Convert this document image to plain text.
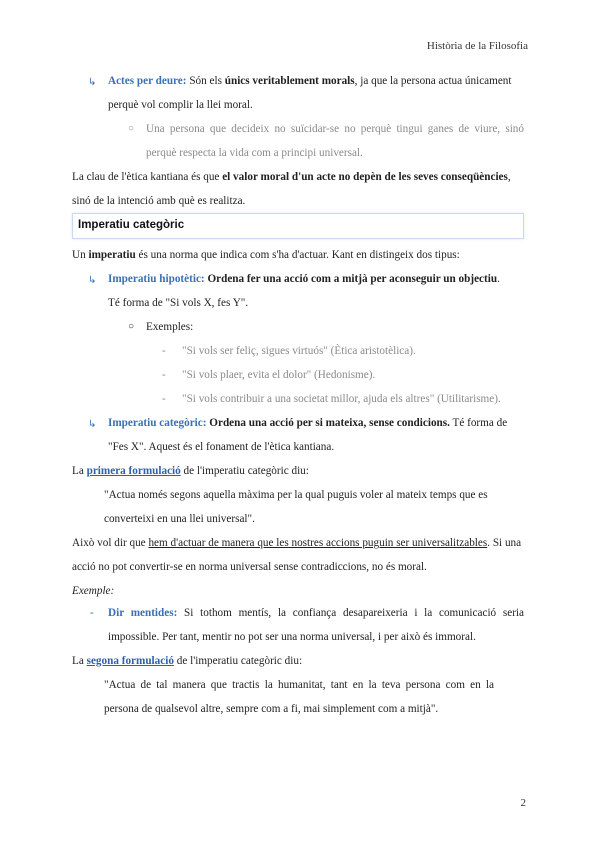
Història de la Filosofia
↳ Actes per deure: Són els únics veritablement morals, ja que la persona actua únicament
perquè vol complir la llei moral.
○ Una persona que decideix no suïcidar-se no perquè tingui ganes de viure, sinó
perquè respecta la vida com a principi universal.
La clau de l'ètica kantiana és que el valor moral d'un acte no depèn de les seves conseqüències,
sinó de la intenció amb què es realitza.
Imperatiu categòric
Un imperatiu és una norma que indica com s'ha d'actuar. Kant en distingeix dos tipus:
↳ Imperatiu hipotètic: Ordena fer una acció com a mitjà per aconseguir un objectiu.
Té forma de "Si vols X, fes Y".
○ Exemples:
- "Si vols ser feliç, sigues virtuós" (Ètica aristotèlica).
- "Si vols plaer, evita el dolor" (Hedonisme).
- "Si vols contribuir a una societat millor, ajuda els altres" (Utilitarisme).
↳ Imperatiu categòric: Ordena una acció per si mateixa, sense condicions. Té forma de
"Fes X". Aquest és el fonament de l'ètica kantiana.
La primera formulació de l'imperatiu categòric diu:
"Actua només segons aquella màxima per la qual puguis voler al mateix temps que es
converteixi en una llei universal".
Això vol dir que hem d'actuar de manera que les nostres accions puguin ser universalitzables. Si una
acció no pot convertir-se en norma universal sense contradiccions, no és moral.
Exemple:
- Dir mentides: Si tothom mentís, la confiança desapareixeria i la comunicació seria
impossible. Per tant, mentir no pot ser una norma universal, i per això és immoral.
La segona formulació de l'imperatiu categòric diu:
"Actua de tal manera que tractis la humanitat, tant en la teva persona com en la
persona de qualsevol altre, sempre com a fi, mai simplement com a mitjà".
2
